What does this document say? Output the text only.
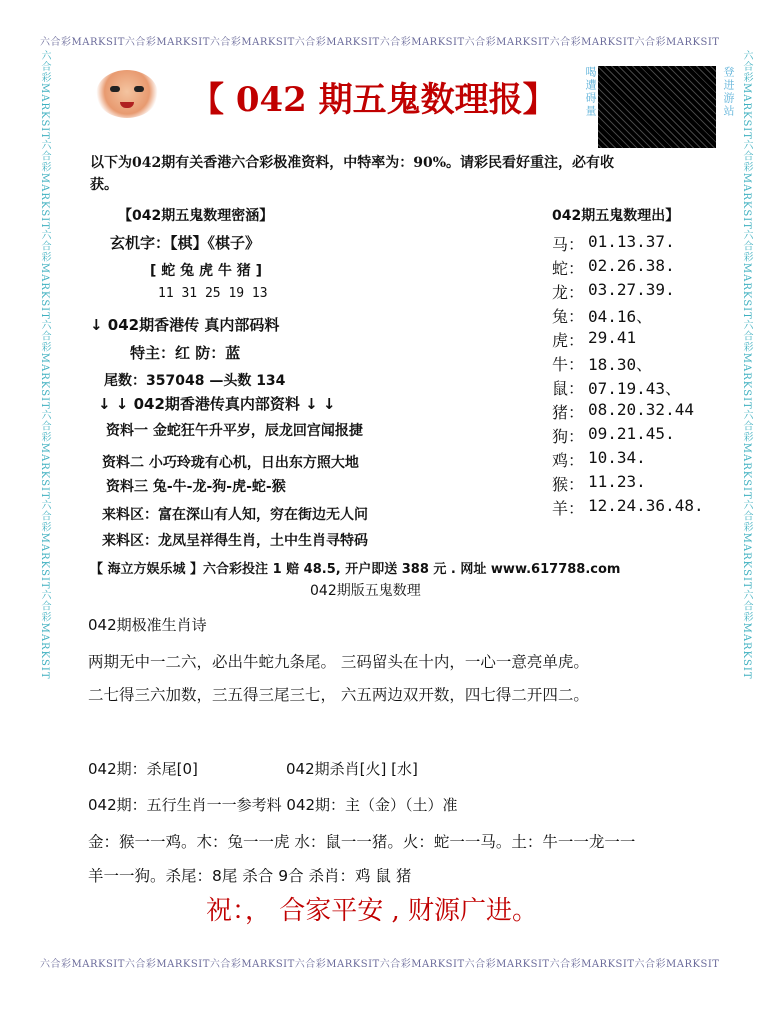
六合彩MARKSIT六合彩MARKSIT六合彩MARKSIT六合彩MARKSIT六合彩MARKSIT六合彩MARKSIT六合彩MARKSIT六合彩MARKSIT
六合彩MARKSIT六合彩MARKSIT六合彩MARKSIT六合彩MARKSIT六合彩MARKSIT六合彩MARKSIT六合彩MARKSIT六合彩MARKSIT
六合彩MARKSIT六合彩MARKSIT六合彩MARKSIT六合彩MARKSIT六合彩MARKSIT六合彩MARKSIT六合彩MARKSIT	六合彩MARKSIT六合彩MARKSIT六合彩MARKSIT六合彩MARKSIT六合彩MARKSIT六合彩MARKSIT六合彩MARKSIT
【 042 期五鬼数理报】 喝遭碍量	登进游站
以下为042期有关香港六合彩极准资料，中特率为：90%。请彩民看好重注，必有收
获。
【042期五鬼数理密涵】
玄机字：【棋】《棋子》
[ 蛇 兔 虎 牛 猪 ]
11 31 25 19 13
↓ 042期香港传 真内部码料
特主：红 防：蓝
尾数：357048 —头数 134
↓ ↓ 042期香港传真内部资料 ↓ ↓
资料一 金蛇狂午升平岁，辰龙回宫闻报捷
资料二 小巧玲珑有心机，日出东方照大地
资料三 兔-牛-龙-狗-虎-蛇-猴
来料区：富在深山有人知，穷在街边无人问
来料区：龙凤呈祥得生肖，土中生肖寻特码
042期五鬼数理出】
马： 01.13.37.
蛇： 02.26.38.
龙： 03.27.39.
兔： 04.16、
虎： 29.41
牛： 18.30、
鼠： 07.19.43、
猪： 08.20.32.44
狗： 09.21.45.
鸡： 10.34.
猴： 11.23.
羊： 12.24.36.48.
【 海立方娱乐城 】六合彩投注 1 赔 48.5, 开户即送 388 元 . 网址 www.617788.com
042期版五鬼数理
042期极准生肖诗
两期无中一二六，必出牛蛇九条尾。 三码留头在十内，一心一意亮单虎。
二七得三六加数，三五得三尾三七， 六五两边双开数，四七得二开四二。
042期：杀尾[0]	042期杀肖[火] [水]
042期：五行生肖一一参考料 042期：主（金）（土）准
金：猴一一鸡。木：兔一一虎 水：鼠一一猪。火：蛇一一马。土：牛一一龙一一
羊一一狗。杀尾：8尾 杀合 9合 杀肖：鸡 鼠 猪
祝：， 合家平安 , 财源广进。
